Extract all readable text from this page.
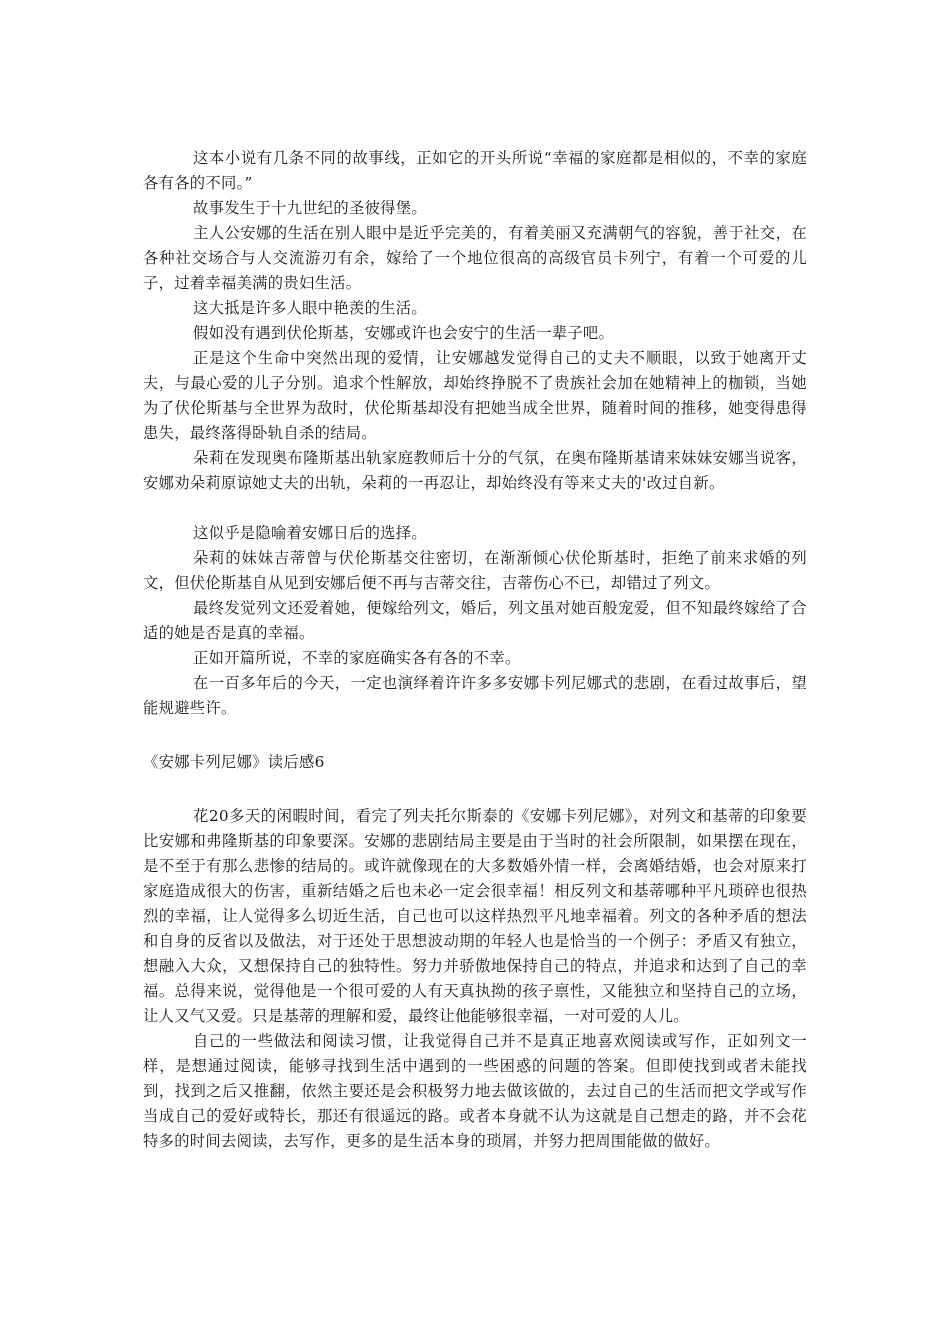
这本小说有几条不同的故事线，正如它的开头所说“幸福的家庭都是相似的，不幸的家庭各有各的不同。”

故事发生于十九世纪的圣彼得堡。

主人公安娜的生活在别人眼中是近乎完美的，有着美丽又充满朝气的容貌，善于社交，在各种社交场合与人交流游刃有余，嫁给了一个地位很高的高级官员卡列宁，有着一个可爱的儿子，过着幸福美满的贵妇生活。

这大抵是许多人眼中艳羡的生活。

假如没有遇到伏伦斯基，安娜或许也会安宁的生活一辈子吧。

正是这个生命中突然出现的爱情，让安娜越发觉得自己的丈夫不顺眼，以致于她离开丈夫，与最心爱的儿子分别。追求个性解放，却始终挣脱不了贵族社会加在她精神上的枷锁，当她为了伏伦斯基与全世界为敌时，伏伦斯基却没有把她当成全世界，随着时间的推移，她变得患得患失，最终落得卧轨自杀的结局。

朵莉在发现奥布隆斯基出轨家庭教师后十分的气氛，在奥布隆斯基请来妹妹安娜当说客，安娜劝朵莉原谅她丈夫的出轨，朵莉的一再忍让，却始终没有等来丈夫的'改过自新。

这似乎是隐喻着安娜日后的选择。

朵莉的妹妹吉蒂曾与伏伦斯基交往密切，在渐渐倾心伏伦斯基时，拒绝了前来求婚的列文，但伏伦斯基自从见到安娜后便不再与吉蒂交往，吉蒂伤心不已，却错过了列文。

最终发觉列文还爱着她，便嫁给列文，婚后，列文虽对她百般宠爱，但不知最终嫁给了合适的她是否是真的幸福。

正如开篇所说，不幸的家庭确实各有各的不幸。

在一百多年后的今天，一定也演绎着许许多多安娜卡列尼娜式的悲剧，在看过故事后，望能规避些许。

《安娜卡列尼娜》读后感6

花20多天的闲暇时间，看完了列夫托尔斯泰的《安娜卡列尼娜》，对列文和基蒂的印象要比安娜和弗隆斯基的印象要深。安娜的悲剧结局主要是由于当时的社会所限制，如果摆在现在，是不至于有那么悲惨的结局的。或许就像现在的大多数婚外情一样，会离婚结婚，也会对原来打家庭造成很大的伤害，重新结婚之后也未必一定会很幸福！相反列文和基蒂哪种平凡琐碎也很热烈的幸福，让人觉得多么切近生活，自己也可以这样热烈平凡地幸福着。列文的各种矛盾的想法和自身的反省以及做法，对于还处于思想波动期的年轻人也是恰当的一个例子：矛盾又有独立，想融入大众，又想保持自己的独特性。努力并骄傲地保持自己的特点，并追求和达到了自己的幸福。总得来说，觉得他是一个很可爱的人有天真执拗的孩子禀性，又能独立和坚持自己的立场，让人又气又爱。只是基蒂的理解和爱，最终让他能够很幸福，一对可爱的人儿。

自己的一些做法和阅读习惯，让我觉得自己并不是真正地喜欢阅读或写作，正如列文一样，是想通过阅读，能够寻找到生活中遇到的一些困惑的问题的答案。但即使找到或者未能找到，找到之后又推翻，依然主要还是会积极努力地去做该做的，去过自己的生活而把文学或写作当成自己的爱好或特长，那还有很遥远的路。或者本身就不认为这就是自己想走的路，并不会花特多的时间去阅读，去写作，更多的是生活本身的琐屑，并努力把周围能做的做好。
